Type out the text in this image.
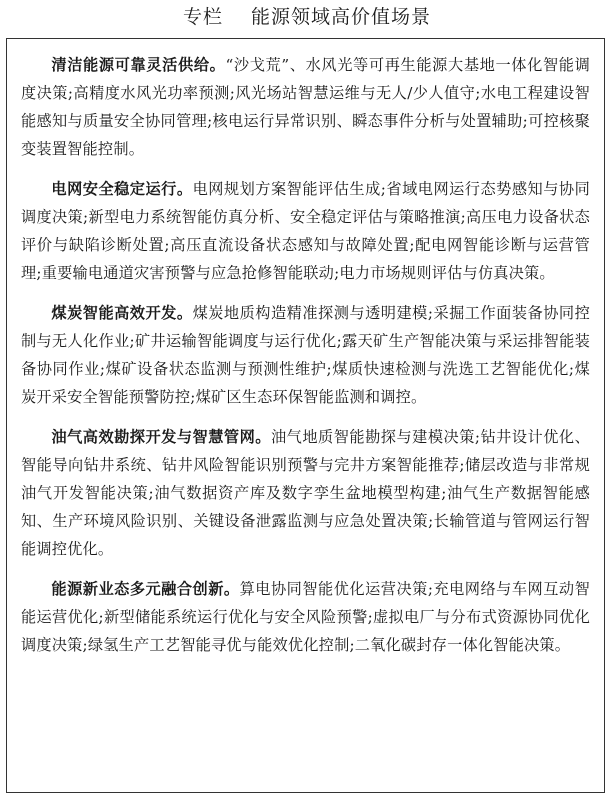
专栏 能源领域高价值场景

清洁能源可靠灵活供给。“沙戈荒”、水风光等可再生能源大基地一体化智能调度决策;高精度水风光功率预测;风光场站智慧运维与无人/少人值守;水电工程建设智能感知与质量安全协同管理;核电运行异常识别、瞬态事件分析与处置辅助;可控核聚变装置智能控制。

电网安全稳定运行。电网规划方案智能评估生成;省域电网运行态势感知与协同调度决策;新型电力系统智能仿真分析、安全稳定评估与策略推演;高压电力设备状态评价与缺陷诊断处置;高压直流设备状态感知与故障处置;配电网智能诊断与运营管理;重要输电通道灾害预警与应急抢修智能联动;电力市场规则评估与仿真决策。

煤炭智能高效开发。煤炭地质构造精准探测与透明建模;采掘工作面装备协同控制与无人化作业;矿井运输智能调度与运行优化;露天矿生产智能决策与采运排智能装备协同作业;煤矿设备状态监测与预测性维护;煤质快速检测与洗选工艺智能优化;煤炭开采安全智能预警防控;煤矿区生态环保智能监测和调控。

油气高效勘探开发与智慧管网。油气地质智能勘探与建模决策;钻井设计优化、智能导向钻井系统、钻井风险智能识别预警与完井方案智能推荐;储层改造与非常规油气开发智能决策;油气数据资产库及数字孪生盆地模型构建;油气生产数据智能感知、生产环境风险识别、关键设备泄露监测与应急处置决策;长输管道与管网运行智能调控优化。

能源新业态多元融合创新。算电协同智能优化运营决策;充电网络与车网互动智能运营优化;新型储能系统运行优化与安全风险预警;虚拟电厂与分布式资源协同优化调度决策;绿氢生产工艺智能寻优与能效优化控制;二氧化碳封存一体化智能决策。
